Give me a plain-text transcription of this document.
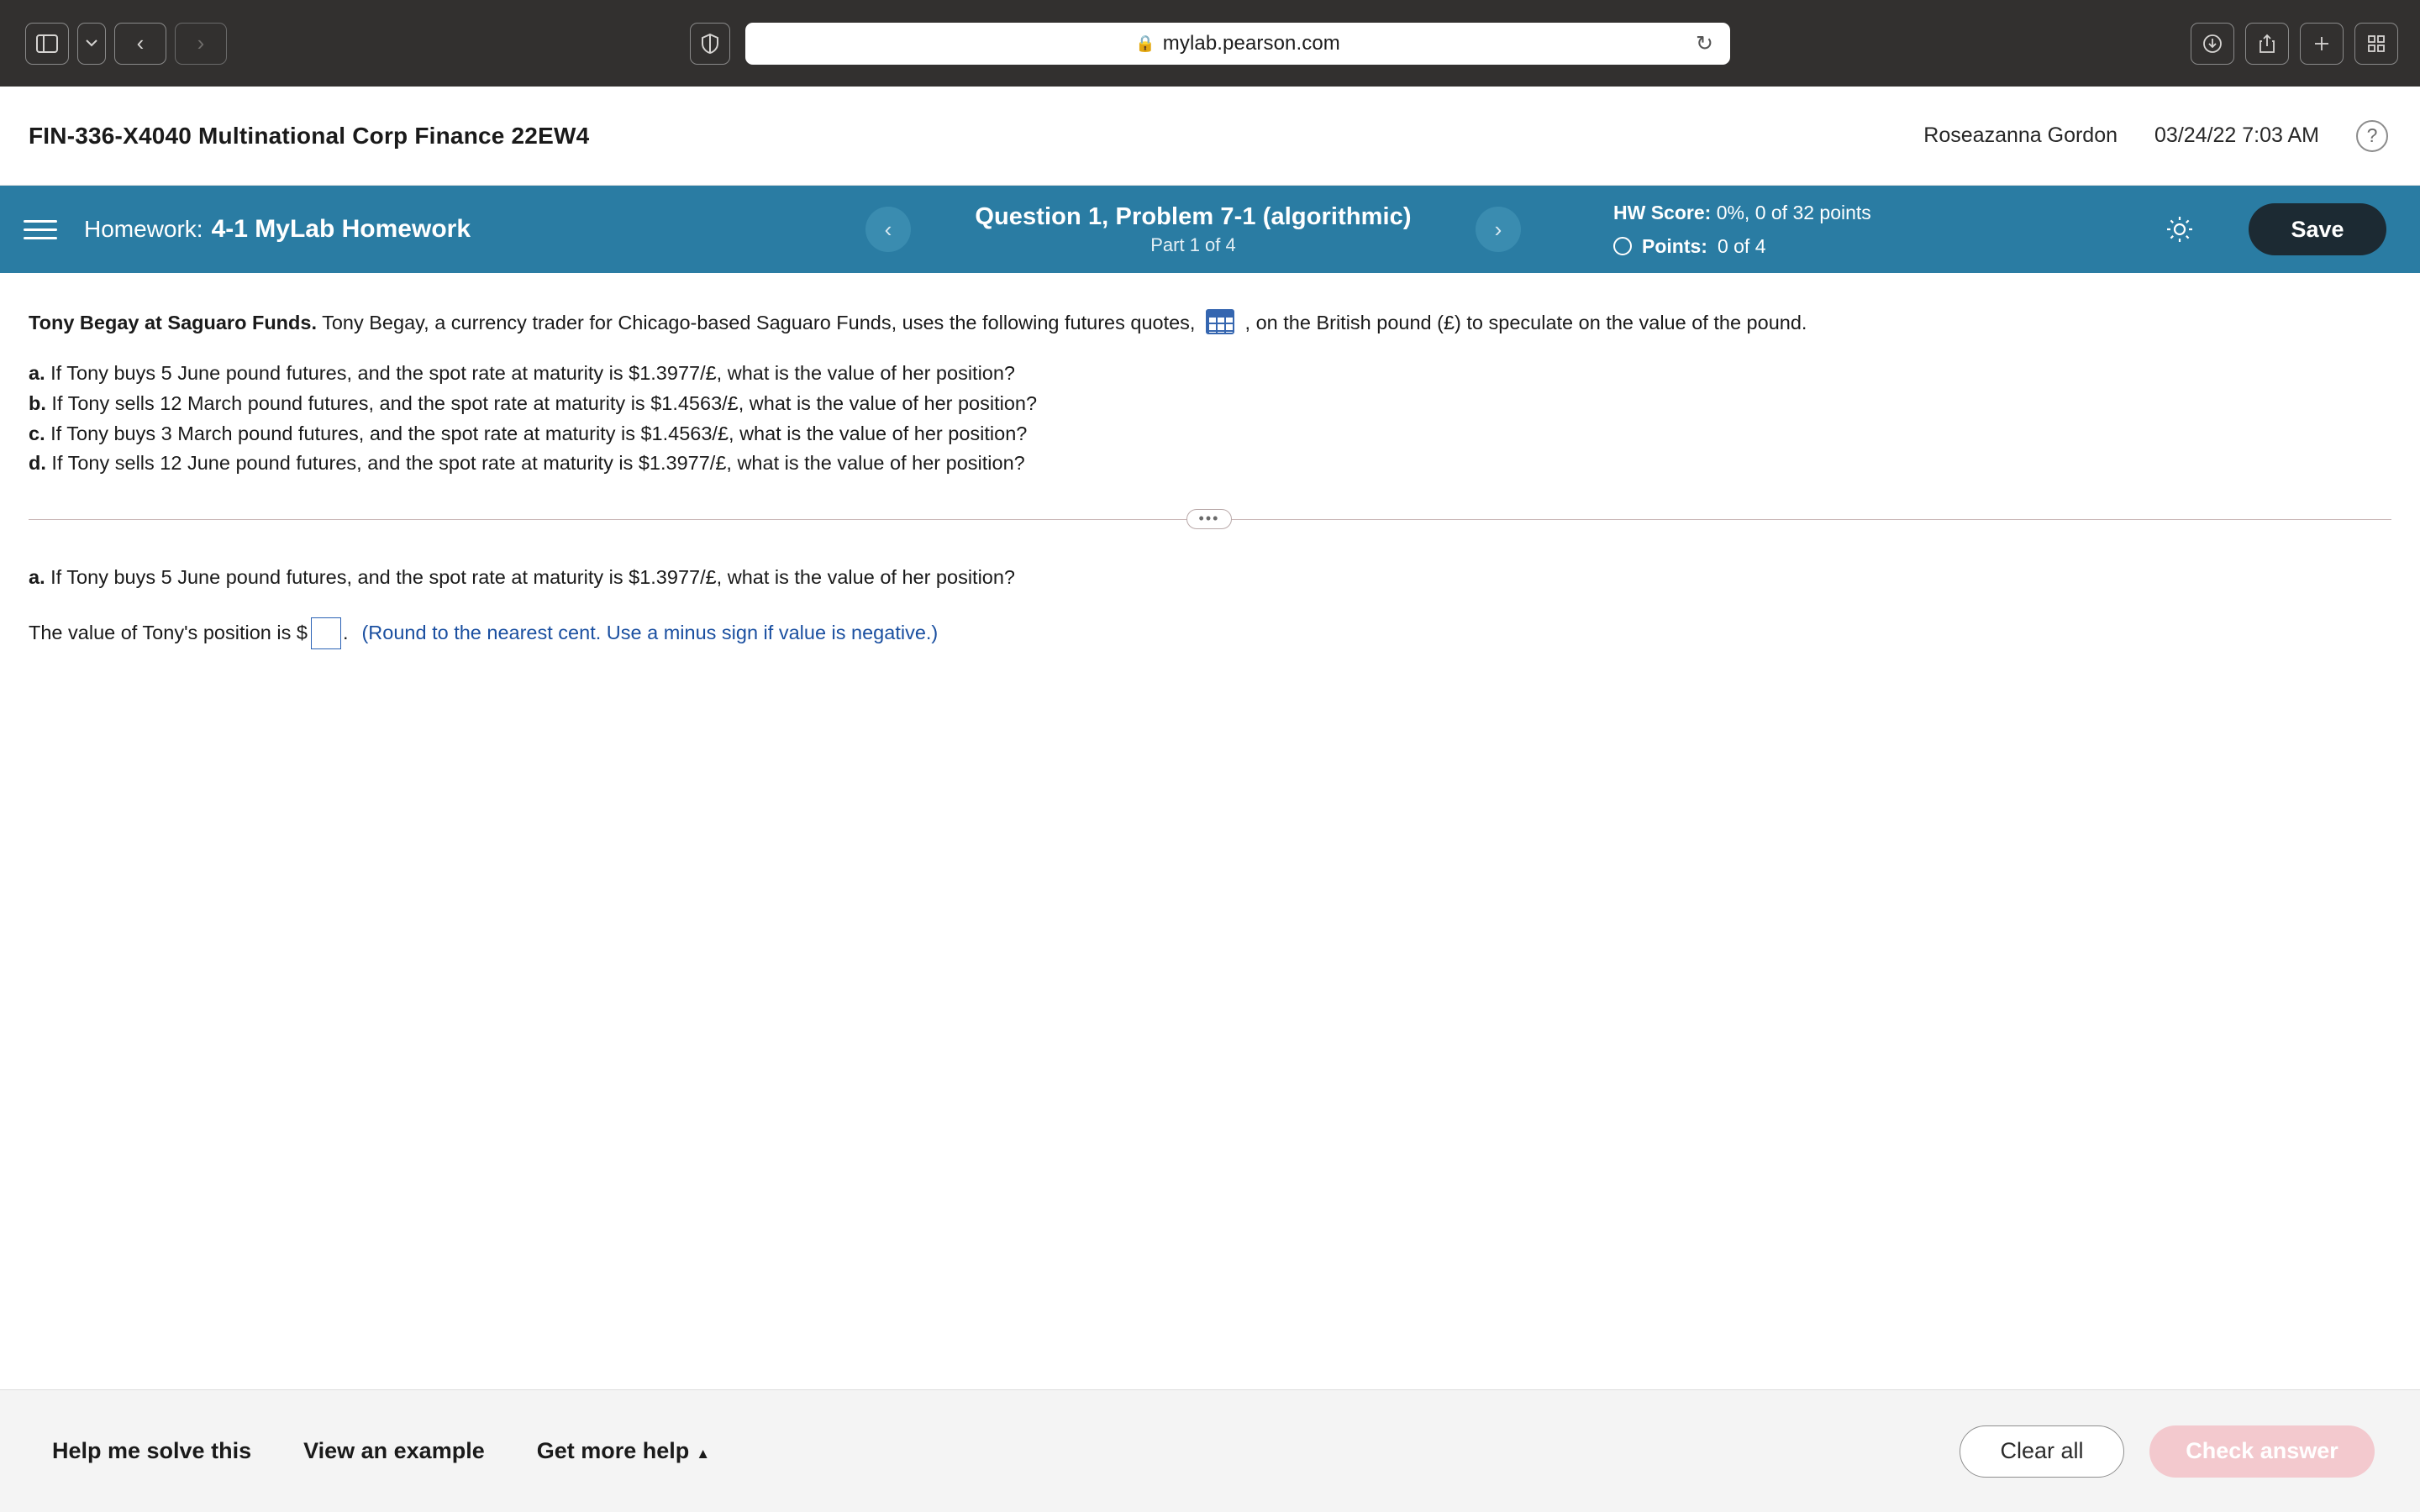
‹	›	🔒 mylab.pearson.com	↻
FIN-336-X4040 Multinational Corp Finance 22EW4	Roseazanna Gordon 03/24/22 7:03 AM	?
Homework: 4-1 MyLab Homework	‹	Question 1, Problem 7-1 (algorithmic)
Part 1 of 4
›
HW Score: 0%, 0 of 32 points
Points: 0 of 4
Save
Tony Begay at Saguaro Funds. Tony Begay, a currency trader for Chicago-based Saguaro Funds, uses the following futures quotes,	, on the British pound (£) to speculate on the value of the pound.
a. If Tony buys 5 June pound futures, and the spot rate at maturity is $1.3977/£, what is the value of her position?
b. If Tony sells 12 March pound futures, and the spot rate at maturity is $1.4563/£, what is the value of her position?
c. If Tony buys 3 March pound futures, and the spot rate at maturity is $1.4563/£, what is the value of her position?
d. If Tony sells 12 June pound futures, and the spot rate at maturity is $1.3977/£, what is the value of her position?
•••
a. If Tony buys 5 June pound futures, and the spot rate at maturity is $1.3977/£, what is the value of her position?
The value of Tony's position is $ . (Round to the nearest cent. Use a minus sign if value is negative.)
Help me solve this View an example Get more help ▲	Clear all	Check answer
